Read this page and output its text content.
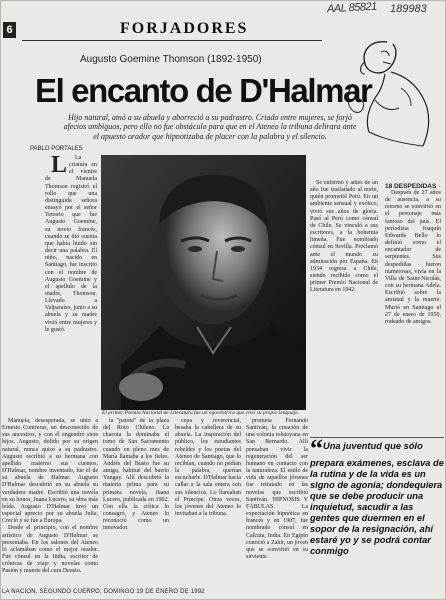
AAL 85821 189983
6	FORJADORES
Augusto Goemine Thomson (1892-1950)
El encanto de D'Halmar
Hijo natural, amó a su abuela y aborreció a su padrastro. Criado entre mujeres, se forjó afectos ambiguos, pero ello no fue obstáculo para que en el Ateneo la tribuna delirara ante el apuesto orador que hipnotizaba de placer con la palabra y el silencio.
PABLO PORTALES

L La criatura en el vientre de Manuela Thomson registró el rollo que una distinguida señora ensayó por el señor Tenorio que fue Augusto Goemine, su novio francés, cuando se dio cuenta que había huido sin decir una palabra. El niño, nacido en Santiago, fue inscrito con el nombre de Augusto Goemine y el apellido de la madre, Thomson. Llevado a Valparaíso, junto a su abuela y su madre vivió entre mujeres y le gustó.

El primer Premio Nacional de Literatura fue un egocéntrico que creó su propio lenguaje.

Manuela, desesperada, se unió a Ernesto Contreras, un desconocido de sus ancestros, y con él engendró siete hijos. Augusto, dolido por su origen natural, nunca quiso a su padrastro. Augusto escribió a su hermana con apellido materno sus cuentos. D'Halmar, nombre inventado, fue el de su abuela de Halmar. Augusto D'Halmar descubrió en su abuela su verdadera madre. Escribió una novela en su honor, Juana Lucero, su obra más leída. Augusto D'Halmar tuvo un especial aprecio por su abuela Julia. Creció y se fue a Europa.

Desde el principio, con el nombre artístico de Augusto D'Halmar se presentaba. En los salones del Ateneo lo aclamaban como el mejor orador. Fue cónsul en la India, escritor de crónicas de viaje y novelas como Pasión y muerte del cura Deusto.

la "patota" de la plaza del Roto Chileno. La chacota la dominaba el tomo de San Sacramento cuando en pleno mes de María llamaba a los fieles. Andrés del Busto fue su amigo, habitué del barrio Yungay. Allí descubrió la materia prima para su primera novela, Juana Lucero, publicada en 1902. Con ella la crítica lo consagró, y Ateneo lo reconoció como un innovador.

cepa y reverencial, besaba la cabellera de su abuela. La inspiración del público, los estudiantes rebeldes y los poetas del Ateneo de Santiago, que lo recibían, cuando no pedían la palabra, querían escucharle. D'Halmar hacía callar a la sala entera con sus silencios. Lo llamaban el Príncipe. Otras veces, los jóvenes del Ateneo lo invitaban a la tribuna.

prometa Fernando Santiván, la creación de una colonia tolstoyana en San Bernardo. Allí pensaban vivir la regeneración del ser humano en contacto con la naturaleza. El estilo de vida de aquellos jóvenes fue retratado en las novelas que escribió Santiván. HIPNOSIS Y FÁBULAS. La expectación hipnótica en francés y en 1907, fue nombrado cónsul en Calcuta, India. En Egipto conoció a Zahir, un joven que se convirtió en su sirviente.

Se enfermó y antes de un año fue trasladado al norte, quién prometió Perú. En un ambiente sensual y exótico, vivió sus años de gloria. Pasó al Perú como cónsul de Chile. Se vinculó a sus escritores, a la bohemia limeña. Fue nombrado cónsul en Sevilla. Proclamó ante el mundo su admiración por España. En 1934 regresa a Chile, siendo recibido como el primer Premio Nacional de Literatura en 1942.

18 DESPEDIDAS

Después de 27 años de ausencia, a su retorno se convirtió en el personaje más famoso del país. El periodista Joaquín Edwards Bello lo definió como el encantador de serpientes. Sus despedidas fueron numerosas, vivía en la Villa de Saint-Nicolás, con su hermana Adela. Escribió sobre la amistad y la muerte. Murió en Santiago el 27 de enero de 1950, rodeado de amigos.

“Una juventud que sólo prepara exámenes, esclava de la rutina y de la vida es un signo de agonía; dondequiera que se debe producir una inquietud, sacudir a las gentes que duermen en el sopor de la resignación, ahí estaré yo y se podrá contar conmigo
LA NACION, SEGUNDO CUERPO, DOMINGO 19 DE ENERO DE 1992
